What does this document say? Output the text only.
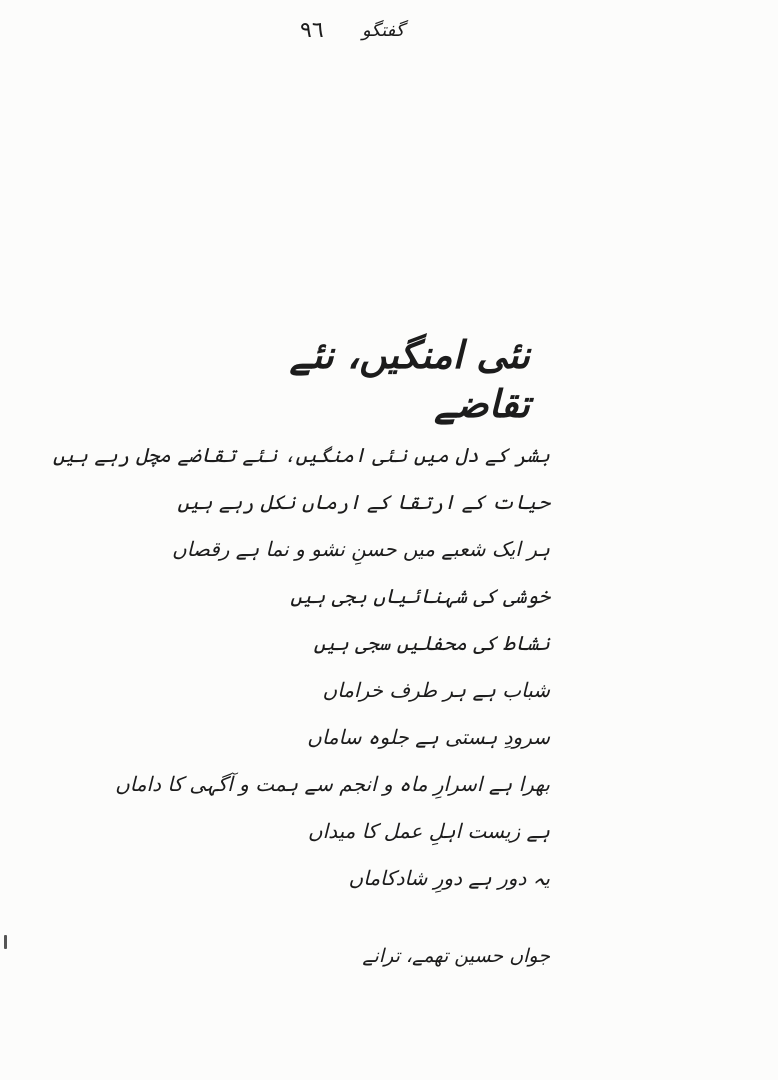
٩٦ گفتگو
نئی امنگیں، نئے تقاضے
بشر کے دل میں نئی امنگیں، نئے تقاضے مچل رہے ہیں
حیات کے ارتقا کے ارماں نکل رہے ہیں
ہر ایک شعبے میں حسنِ نشو و نما ہے رقصاں
خوشی کی شہنائیاں بجی ہیں
نشاط کی محفلیں سجی ہیں
شباب ہے ہر طرف خراماں
سرودِ ہستی ہے جلوہ ساماں
بھرا ہے اسرارِ ماہ و انجم سے ہمت و آگہی کا داماں
ہے زیست اہلِ عمل کا میداں
یہ دور ہے دورِ شادکاماں
جواں حسین تھمے، ترانے
